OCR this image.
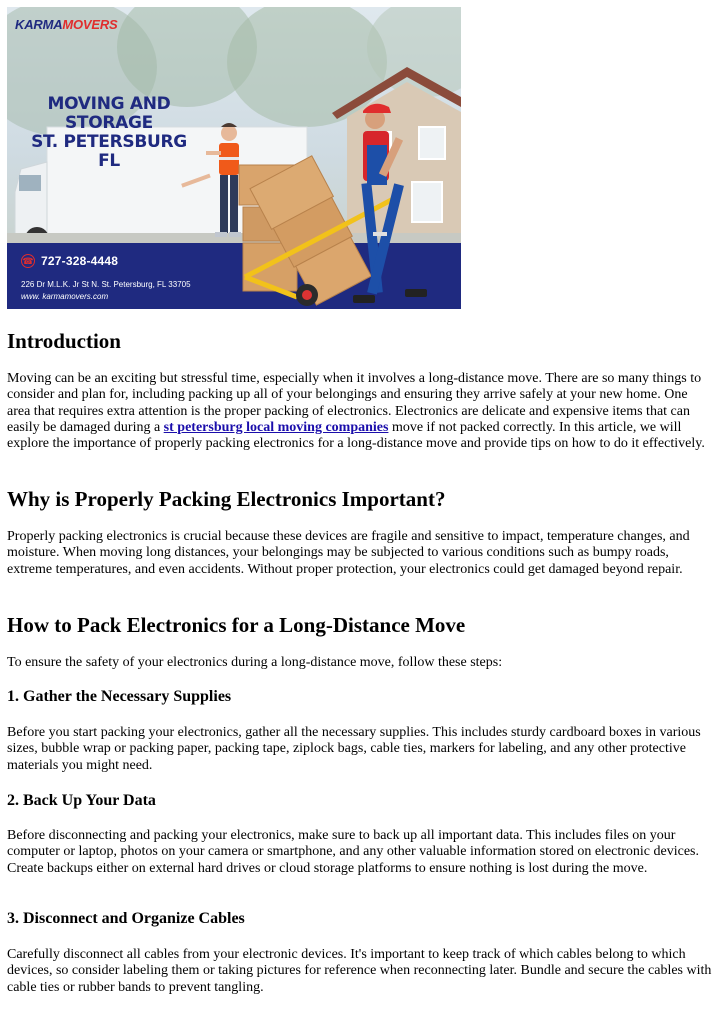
KARMAMOVERS
MOVING AND
STORAGE
ST. PETERSBURG
FL
☎ 727-328-4448
226 Dr M.L.K. Jr St N. St. Petersburg, FL 33705
www. karmamovers.com
Introduction

Moving can be an exciting but stressful time, especially when it involves a long-distance move. There are so many things to consider and plan for, including packing up all of your belongings and ensuring they arrive safely at your new home. One area that requires extra attention is the proper packing of electronics. Electronics are delicate and expensive items that can easily be damaged during a st petersburg local moving companies move if not packed correctly. In this article, we will explore the importance of properly packing electronics for a long-distance move and provide tips on how to do it effectively.

Why is Properly Packing Electronics Important?

Properly packing electronics is crucial because these devices are fragile and sensitive to impact, temperature changes, and moisture. When moving long distances, your belongings may be subjected to various conditions such as bumpy roads, extreme temperatures, and even accidents. Without proper protection, your electronics could get damaged beyond repair.

How to Pack Electronics for a Long-Distance Move

To ensure the safety of your electronics during a long-distance move, follow these steps:

1. Gather the Necessary Supplies

Before you start packing your electronics, gather all the necessary supplies. This includes sturdy cardboard boxes in various sizes, bubble wrap or packing paper, packing tape, ziplock bags, cable ties, markers for labeling, and any other protective materials you might need.

2. Back Up Your Data

Before disconnecting and packing your electronics, make sure to back up all important data. This includes files on your computer or laptop, photos on your camera or smartphone, and any other valuable information stored on electronic devices. Create backups either on external hard drives or cloud storage platforms to ensure nothing is lost during the move.

3. Disconnect and Organize Cables

Carefully disconnect all cables from your electronic devices. It's important to keep track of which cables belong to which devices, so consider labeling them or taking pictures for reference when reconnecting later. Bundle and secure the cables with cable ties or rubber bands to prevent tangling.
